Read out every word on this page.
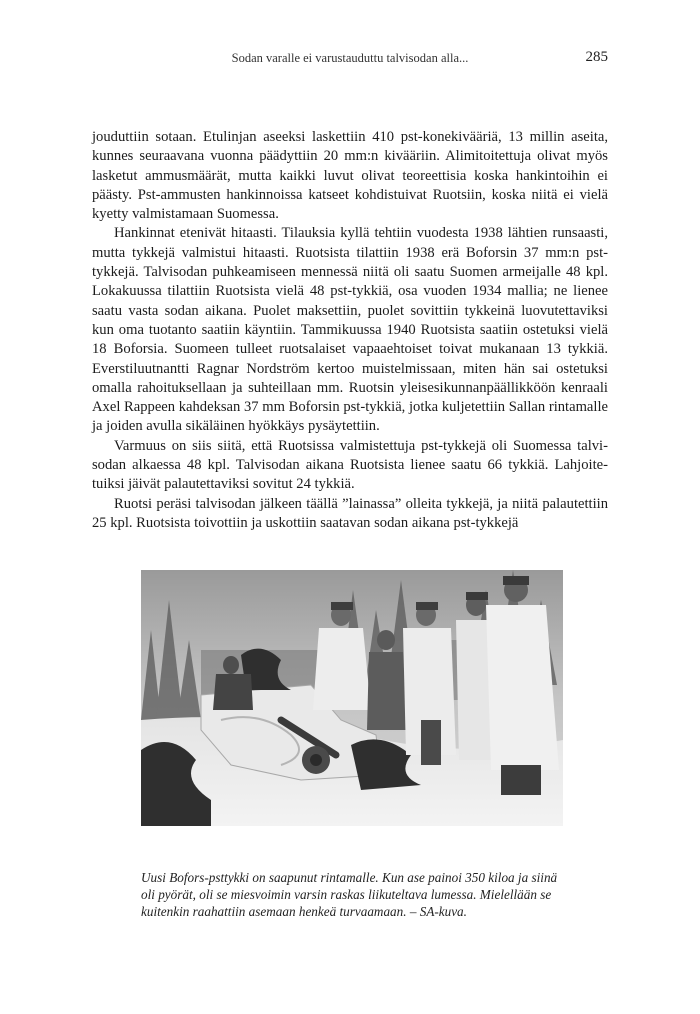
Sodan varalle ei varustauduttu talvisodan alla...	285

jouduttiin sotaan. Etulinjan aseeksi laskettiin 410 pst-konekivääriä, 13 millin aseita, kunnes seuraavana vuonna päädyttiin 20 mm:n kivääriin. Alimitoitettuja olivat myös lasketut ammusmäärät, mutta kaikki luvut olivat teoreettisia koska hankintoihin ei päästy. Pst-ammusten hankinnoissa katseet kohdistuivat Ruotsiin, koska niitä ei vielä kyetty valmistamaan Suomessa.

Hankinnat etenivät hitaasti. Tilauksia kyllä tehtiin vuodesta 1938 lähtien runsaasti, mutta tykkejä valmistui hitaasti. Ruotsista tilattiin 1938 erä Boforsin 37 mm:n pst-tykkejä. Talvisodan puhkeamiseen mennessä niitä oli saatu Suomen armeijalle 48 kpl. Lokakuussa tilattiin Ruotsista vielä 48 pst-tykkiä, osa vuoden 1934 mallia; ne lienee saatu vasta sodan aikana. Puolet maksettiin, puolet sovittiin tykkeinä luovutettaviksi kun oma tuotanto saatiin käyntiin. Tammikuussa 1940 Ruotsista saatiin ostetuksi vielä 18 Boforsia. Suomeen tulleet ruotsalaiset vapaaehtoiset toivat mukanaan 13 tykkiä. Everstiluutnantti Ragnar Nordström kertoo muistelmissaan, miten hän sai ostetuksi omalla rahoituksellaan ja suhteillaan mm. Ruotsin yleisesikunnanpäällikköön kenraali Axel Rappeen kahdeksan 37 mm Boforsin pst-tykkiä, jotka kuljetettiin Sallan rintamalle ja joiden avulla sikäläinen hyökkäys pysäytettiin.

Varmuus on siis siitä, että Ruotsissa valmistettuja pst-tykkejä oli Suomessa talvisodan alkaessa 48 kpl. Talvisodan aikana Ruotsista lienee saatu 66 tykkiä. Lahjoitetuiksi jäivät palautettaviksi sovitut 24 tykkiä.

Ruotsi peräsi talvisodan jälkeen täällä ”lainassa” olleita tykkejä, ja niitä palautettiin 25 kpl. Ruotsista toivottiin ja uskottiin saatavan sodan aikana pst-tykkejä

Uusi Bofors-psttykki on saapunut rintamalle. Kun ase painoi 350 kiloa ja siinä oli pyörät, oli se miesvoimin varsin raskas liikuteltava lumessa. Mielellään se kuitenkin raahattiin asemaan henkeä turvaamaan. – SA-kuva.
